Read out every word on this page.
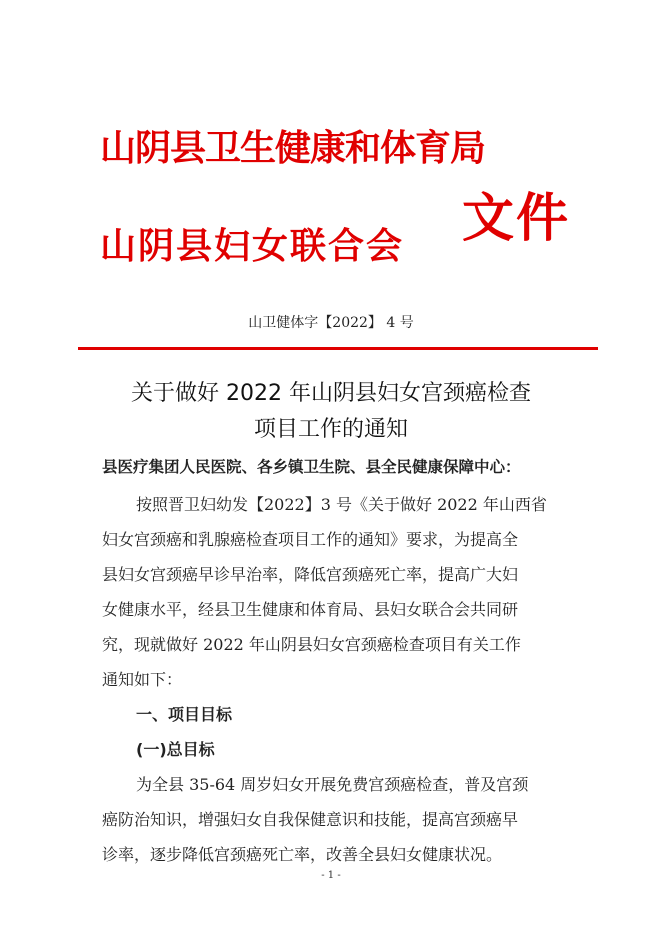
山阴县卫生健康和体育局
山阴县妇女联合会 文件
山卫健体字【2022】 4 号
关于做好 2022 年山阴县妇女宫颈癌检查
项目工作的通知
县医疗集团人民医院、各乡镇卫生院、县全民健康保障中心：
按照晋卫妇幼发【2022】3 号《关于做好 2022 年山西省
妇女宫颈癌和乳腺癌检查项目工作的通知》要求，为提高全
县妇女宫颈癌早诊早治率，降低宫颈癌死亡率，提高广大妇
女健康水平，经县卫生健康和体育局、县妇女联合会共同研
究，现就做好 2022 年山阴县妇女宫颈癌检查项目有关工作
通知如下：
一、项目目标
(一)总目标
为全县 35-64 周岁妇女开展免费宫颈癌检查，普及宫颈
癌防治知识，增强妇女自我保健意识和技能，提高宫颈癌早
诊率，逐步降低宫颈癌死亡率，改善全县妇女健康状况。
- 1 -
